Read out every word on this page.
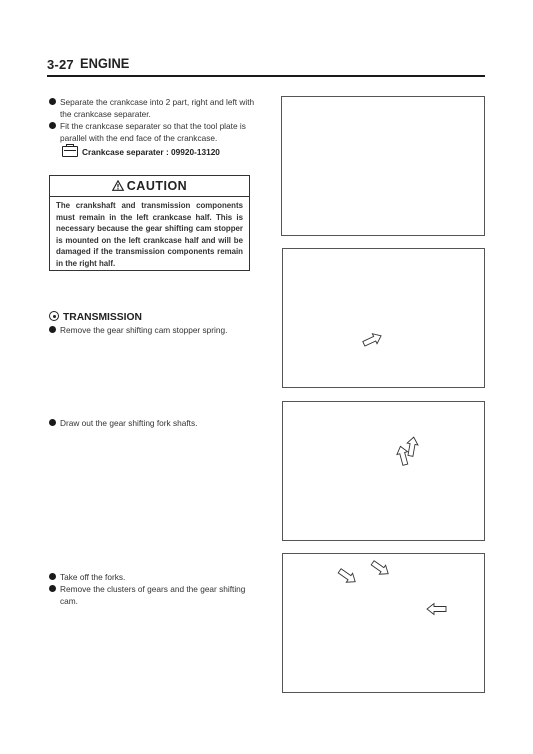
3-27 ENGINE
Separate the crankcase into 2 part, right and left with
the crankcase separater.
Fit the crankcase separater so that the tool plate is
parallel with the end face of the crankcase.
Crankcase separater : 09920-13120
CAUTION
The crankshaft and transmission components must remain in the left crankcase half. This is necessary because the gear shifting cam stopper is mounted on the left crankcase half and will be damaged if the transmission components remain in the right half.
TRANSMISSION
Remove the gear shifting cam stopper spring.
Draw out the gear shifting fork shafts.
Take off the forks.
Remove the clusters of gears and the gear shifting
cam.
